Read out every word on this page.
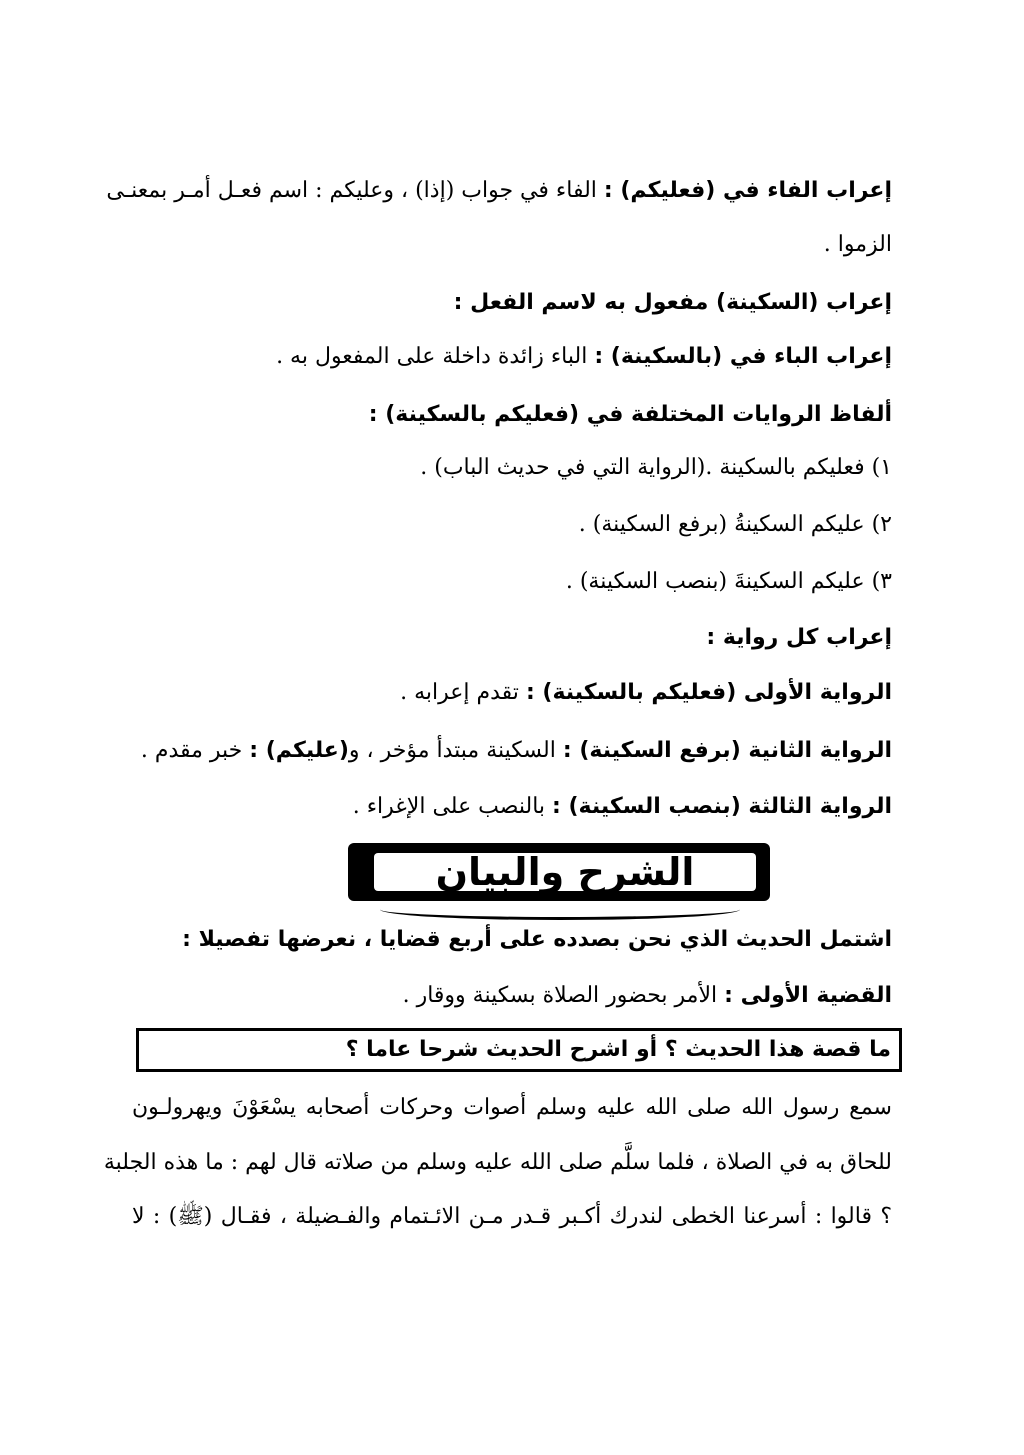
إعراب الفاء في (فعليكم) : الفاء في جواب (إذا) ، وعليكم : اسم فعـل أمـر بمعنـى
الزموا .
إعراب (السكينة) مفعول به لاسم الفعل :
إعراب الباء في (بالسكينة) : الباء زائدة داخلة على المفعول به .
ألفاظ الروايات المختلفة في (فعليكم بالسكينة) :
١) فعليكم بالسكينة .(الرواية التي في حديث الباب) .
٢) عليكم السكينةُ (برفع السكينة) .
٣) عليكم السكينةَ (بنصب السكينة) .
إعراب كل رواية :
الرواية الأولى (فعليكم بالسكينة) : تقدم إعرابه .
الرواية الثانية (برفع السكينة) : السكينة مبتدأ مؤخر ، و(عليكم) : خبر مقدم .
الرواية الثالثة (بنصب السكينة) : بالنصب على الإغراء .
الشرح والبيان
اشتمل الحديث الذي نحن بصدده على أربع قضايا ، نعرضها تفصيلا :
القضية الأولى : الأمر بحضور الصلاة بسكينة ووقار .
ما قصة هذا الحديث ؟ أو اشرح الحديث شرحا عاما ؟
سمع رسول الله صلى الله عليه وسلم أصوات وحركات أصحابه يسْعَوْنَ ويهرولـون
للحاق به في الصلاة ، فلما سلَّم صلى الله عليه وسلم من صلاته قال لهم : ما هذه الجلبة
؟ قالوا : أسرعنا الخطى لندرك أكـبر قـدر مـن الائـتمام والفـضيلة ، فقـال (ﷺ) : لا
